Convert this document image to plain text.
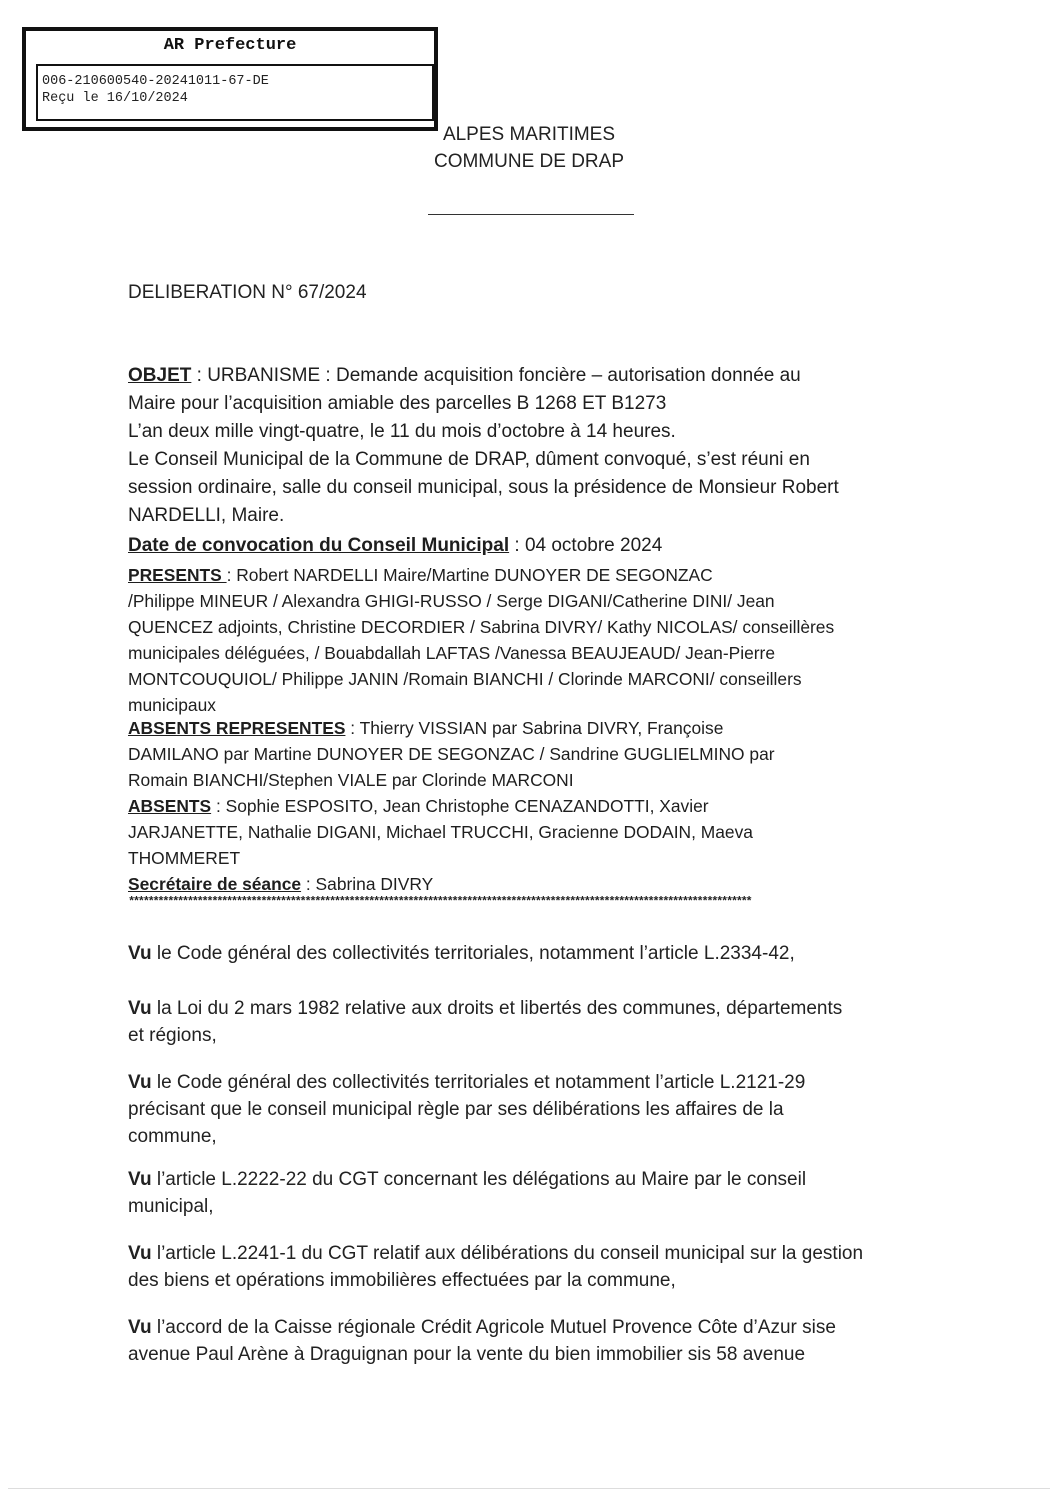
AR Prefecture
006-210600540-20241011-67-DE
Reçu le 16/10/2024
ALPES MARITIMES
COMMUNE DE DRAP
DELIBERATION N° 67/2024
OBJET : URBANISME : Demande acquisition foncière – autorisation donnée au
Maire pour l’acquisition amiable des parcelles B 1268 ET B1273
L’an deux mille vingt-quatre, le 11 du mois d’octobre à 14 heures.
Le Conseil Municipal de la Commune de DRAP, dûment convoqué, s’est réuni en
session ordinaire, salle du conseil municipal, sous la présidence de Monsieur Robert
NARDELLI, Maire.
Date de convocation du Conseil Municipal : 04 octobre 2024
PRESENTS : Robert NARDELLI Maire/Martine DUNOYER DE SEGONZAC
/Philippe MINEUR / Alexandra GHIGI-RUSSO / Serge DIGANI/Catherine DINI/ Jean
QUENCEZ adjoints, Christine DECORDIER / Sabrina DIVRY/ Kathy NICOLAS/ conseillères
municipales déléguées, / Bouabdallah LAFTAS /Vanessa BEAUJEAUD/ Jean-Pierre
MONTCOUQUIOL/ Philippe JANIN /Romain BIANCHI / Clorinde MARCONI/ conseillers
municipaux
ABSENTS REPRESENTES : Thierry VISSIAN par Sabrina DIVRY, Françoise
DAMILANO par Martine DUNOYER DE SEGONZAC / Sandrine GUGLIELMINO par
Romain BIANCHI/Stephen VIALE par Clorinde MARCONI
ABSENTS : Sophie ESPOSITO, Jean Christophe CENAZANDOTTI, Xavier
JARJANETTE, Nathalie DIGANI, Michael TRUCCHI, Gracienne DODAIN, Maeva
THOMMERET
Secrétaire de séance : Sabrina DIVRY
*******************************************************************************************************************************
Vu le Code général des collectivités territoriales, notamment l’article L.2334-42,
Vu la Loi du 2 mars 1982 relative aux droits et libertés des communes, départements
et régions,
Vu le Code général des collectivités territoriales et notamment l’article L.2121-29
précisant que le conseil municipal règle par ses délibérations les affaires de la
commune,
Vu l’article L.2222-22 du CGT concernant les délégations au Maire par le conseil
municipal,
Vu l’article L.2241-1 du CGT relatif aux délibérations du conseil municipal sur la gestion
des biens et opérations immobilières effectuées par la commune,
Vu l’accord de la Caisse régionale Crédit Agricole Mutuel Provence Côte d’Azur sise
avenue Paul Arène à Draguignan pour la vente du bien immobilier sis 58 avenue
